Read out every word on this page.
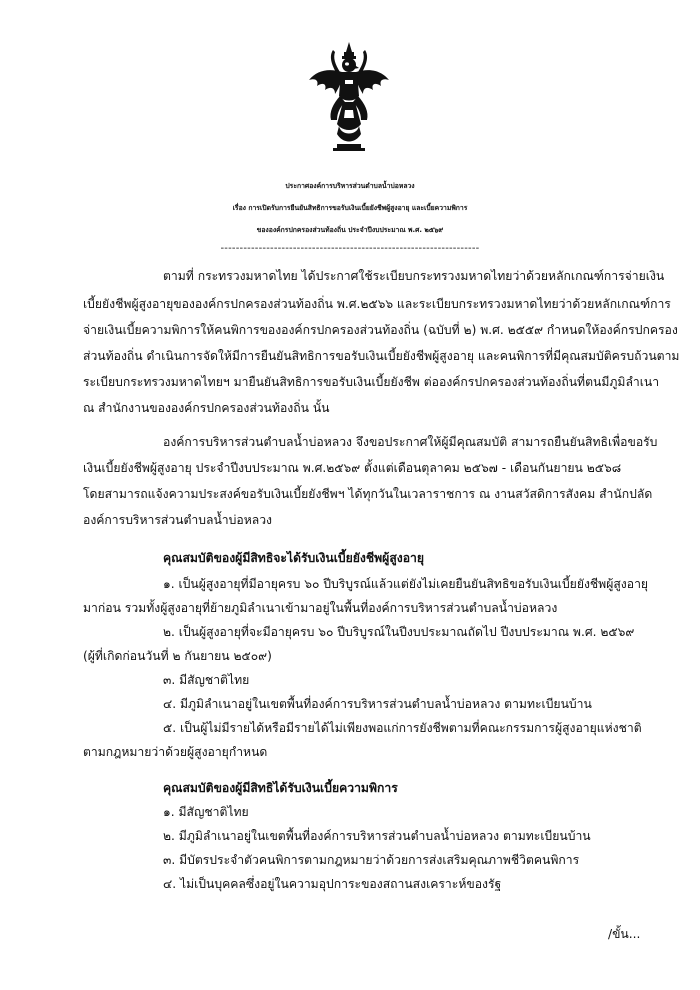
ประกาศองค์การบริหารส่วนตำบลน้ำบ่อหลวง
เรื่อง การเปิดรับการยืนยันสิทธิการขอรับเงินเบี้ยยังชีพผู้สูงอายุ และเบี้ยความพิการ
ขององค์กรปกครองส่วนท้องถิ่น ประจำปีงบประมาณ พ.ศ. ๒๕๖๙
--------------------------------------------------------------------
ตามที่ กระทรวงมหาดไทย ได้ประกาศใช้ระเบียบกระทรวงมหาดไทยว่าด้วยหลักเกณฑ์การจ่ายเงิน
เบี้ยยังชีพผู้สูงอายุขององค์กรปกครองส่วนท้องถิ่น พ.ศ.๒๕๖๖ และระเบียบกระทรวงมหาดไทยว่าด้วยหลักเกณฑ์การ
จ่ายเงินเบี้ยความพิการให้คนพิการขององค์กรปกครองส่วนท้องถิ่น (ฉบับที่ ๒) พ.ศ. ๒๕๕๙ กำหนดให้องค์กรปกครอง
ส่วนท้องถิ่น ดำเนินการจัดให้มีการยืนยันสิทธิการขอรับเงินเบี้ยยังชีพผู้สูงอายุ และคนพิการที่มีคุณสมบัติครบถ้วนตาม
ระเบียบกระทรวงมหาดไทยฯ มายืนยันสิทธิการขอรับเงินเบี้ยยังชีพ ต่อองค์กรปกครองส่วนท้องถิ่นที่ตนมีภูมิลำเนา
ณ สำนักงานขององค์กรปกครองส่วนท้องถิ่น นั้น
องค์การบริหารส่วนตำบลน้ำบ่อหลวง จึงขอประกาศให้ผู้มีคุณสมบัติ สามารถยืนยันสิทธิเพื่อขอรับ
เงินเบี้ยยังชีพผู้สูงอายุ ประจำปีงบประมาณ พ.ศ.๒๕๖๙ ตั้งแต่เดือนตุลาคม ๒๕๖๗ - เดือนกันยายน ๒๕๖๘
โดยสามารถแจ้งความประสงค์ขอรับเงินเบี้ยยังชีพฯ ได้ทุกวันในเวลาราชการ ณ งานสวัสดิการสังคม สำนักปลัด
องค์การบริหารส่วนตำบลน้ำบ่อหลวง
คุณสมบัติของผู้มีสิทธิจะได้รับเงินเบี้ยยังชีพผู้สูงอายุ
๑. เป็นผู้สูงอายุที่มีอายุครบ ๖๐ ปีบริบูรณ์แล้วแต่ยังไม่เคยยืนยันสิทธิขอรับเงินเบี้ยยังชีพผู้สูงอายุ
มาก่อน รวมทั้งผู้สูงอายุที่ย้ายภูมิลำเนาเข้ามาอยู่ในพื้นที่องค์การบริหารส่วนตำบลน้ำบ่อหลวง
๒. เป็นผู้สูงอายุที่จะมีอายุครบ ๖๐ ปีบริบูรณ์ในปีงบประมาณถัดไป ปีงบประมาณ พ.ศ. ๒๕๖๙
(ผู้ที่เกิดก่อนวันที่ ๒ กันยายน ๒๕๐๙)
๓. มีสัญชาติไทย
๔. มีภูมิลำเนาอยู่ในเขตพื้นที่องค์การบริหารส่วนตำบลน้ำบ่อหลวง ตามทะเบียนบ้าน
๕. เป็นผู้ไม่มีรายได้หรือมีรายได้ไม่เพียงพอแก่การยังชีพตามที่คณะกรรมการผู้สูงอายุแห่งชาติ
ตามกฎหมายว่าด้วยผู้สูงอายุกำหนด
คุณสมบัติของผู้มีสิทธิได้รับเงินเบี้ยความพิการ
๑. มีสัญชาติไทย
๒. มีภูมิลำเนาอยู่ในเขตพื้นที่องค์การบริหารส่วนตำบลน้ำบ่อหลวง ตามทะเบียนบ้าน
๓. มีบัตรประจำตัวคนพิการตามกฎหมายว่าด้วยการส่งเสริมคุณภาพชีวิตคนพิการ
๔. ไม่เป็นบุคคลซึ่งอยู่ในความอุปการะของสถานสงเคราะห์ของรัฐ
/ขั้น...
